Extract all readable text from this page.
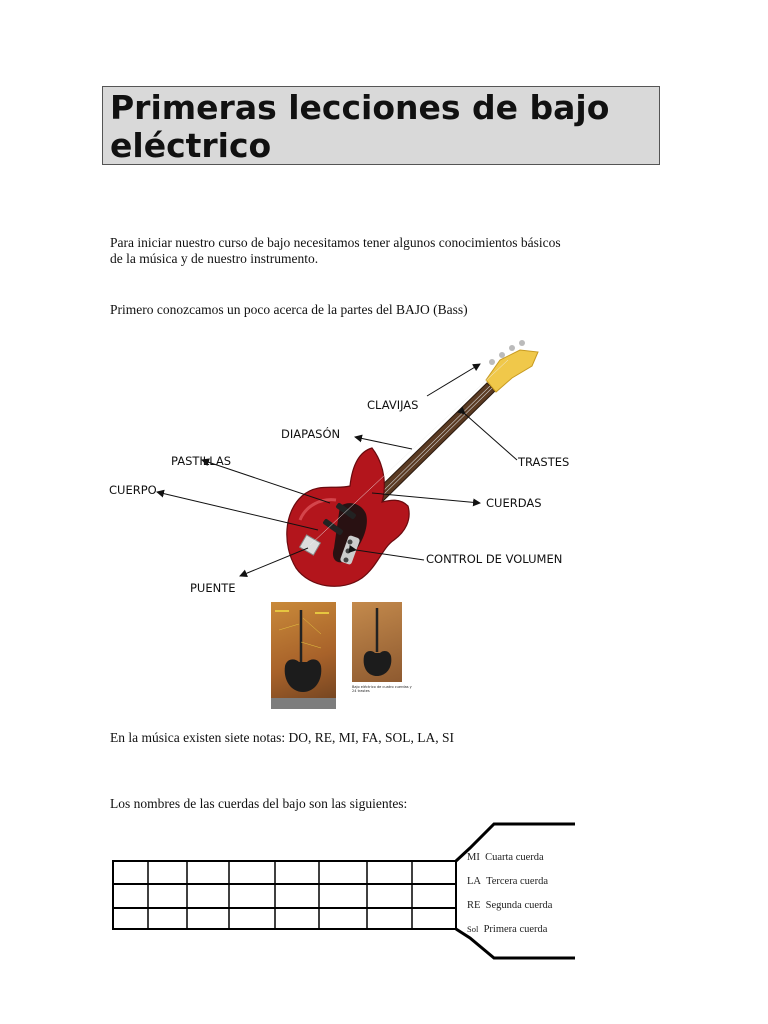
Primeras lecciones de bajo eléctrico

Para iniciar nuestro curso de bajo necesitamos tener algunos conocimientos básicos

de la música y de nuestro instrumento.

Primero conozcamos un poco acerca de la partes del BAJO (Bass)

CLAVIJAS
DIAPASÓN
PASTILLAS	TRASTES
CUERPO
CUERDAS
CONTROL DE VOLUMEN
PUENTE
Bajo eléctrico de cuatro cuerdas y 24 trastes

En la música existen siete notas: DO, RE, MI, FA, SOL, LA, SI

Los nombres de las cuerdas del bajo son las siguientes:

MI Cuarta cuerda
LA Tercera cuerda
RE Segunda cuerda
Sol Primera cuerda
